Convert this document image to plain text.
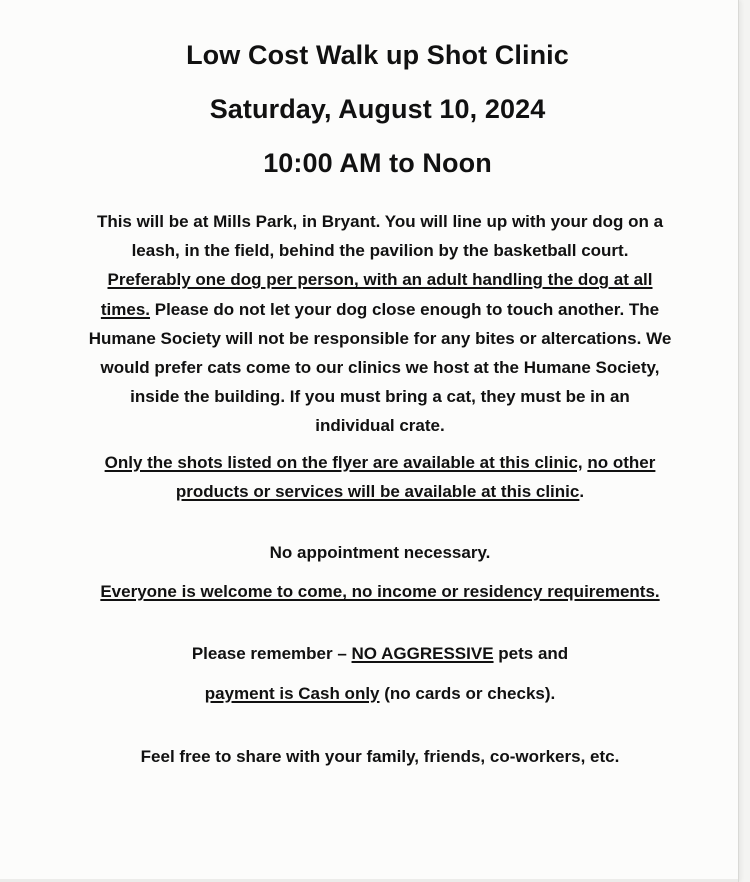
Low Cost Walk up Shot Clinic
Saturday, August 10, 2024
10:00 AM to Noon
This will be at Mills Park, in Bryant. You will line up with your dog on a
leash, in the field, behind the pavilion by the basketball court.
Preferably one dog per person, with an adult handling the dog at all
times. Please do not let your dog close enough to touch another. The
Humane Society will not be responsible for any bites or altercations. We
would prefer cats come to our clinics we host at the Humane Society,
inside the building. If you must bring a cat, they must be in an
individual crate.
Only the shots listed on the flyer are available at this clinic, no other
products or services will be available at this clinic.
No appointment necessary.
Everyone is welcome to come, no income or residency requirements.
Please remember – NO AGGRESSIVE pets and
payment is Cash only (no cards or checks).
Feel free to share with your family, friends, co-workers, etc.
